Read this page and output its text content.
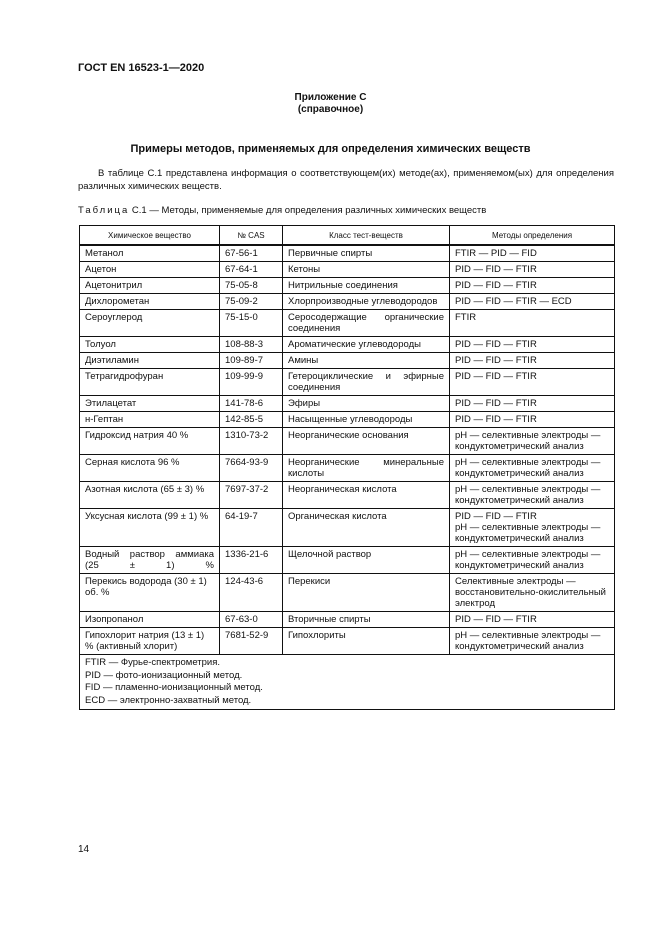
ГОСТ EN 16523-1—2020
Приложение С
(справочное)
Примеры методов, применяемых для определения химических веществ
В таблице С.1 представлена информация о соответствующем(их) методе(ах), применяемом(ых) для определения различных химических веществ.
Таблица С.1 — Методы, применяемые для определения различных химических веществ
Химическое вещество	№ CAS	Класс тест-веществ	Методы определения
Метанол	67-56-1	Первичные спирты	FTIR — PID — FID
Ацетон	67-64-1	Кетоны	PID — FID — FTIR
Ацетонитрил	75-05-8	Нитрильные соединения	PID — FID — FTIR
Дихлорометан	75-09-2	Хлорпроизводные углеводородов	PID — FID — FTIR — ECD
Сероуглерод	75-15-0	Серосодержащие органические соединения	FTIR
Толуол	108-88-3	Ароматические углеводороды	PID — FID — FTIR
Диэтиламин	109-89-7	Амины	PID — FID — FTIR
Тетрагидрофуран	109-99-9	Гетероциклические и эфирные соединения	PID — FID — FTIR
Этилацетат	141-78-6	Эфиры	PID — FID — FTIR
н-Гептан	142-85-5	Насыщенные углеводороды	PID — FID — FTIR
Гидроксид натрия 40 %	1310-73-2	Неорганические основания	рН — селективные электроды — кондуктометрический анализ
Серная кислота 96 %	7664-93-9	Неорганические минеральные кислоты	рН — селективные электроды — кондуктометрический анализ
Азотная кислота (65 ± 3) %	7697-37-2	Неорганическая кислота	рН — селективные электроды — кондуктометрический анализ
Уксусная кислота (99 ± 1) %	64-19-7	Органическая кислота	PID — FID — FTIR
рН — селективные электроды — кондуктометрический анализ

Водный раствор аммиака (25 ± 1) %	1336-21-6	Щелочной раствор	рН — селективные электроды — кондуктометрический анализ
Перекись водорода (30 ± 1) об. %	124-43-6	Перекиси	Селективные электроды — восстановительно-окислительный электрод
Изопропанол	67-63-0	Вторичные спирты	PID — FID — FTIR
Гипохлорит натрия (13 ± 1) % (активный хлорит)	7681-52-9	Гипохлориты	рН — селективные электроды — кондуктометрический анализ

FTIR — Фурье-спектрометрия.
PID — фото-ионизационный метод.
FID — пламенно-ионизационный метод.
ECD — электронно-захватный метод.			
14
